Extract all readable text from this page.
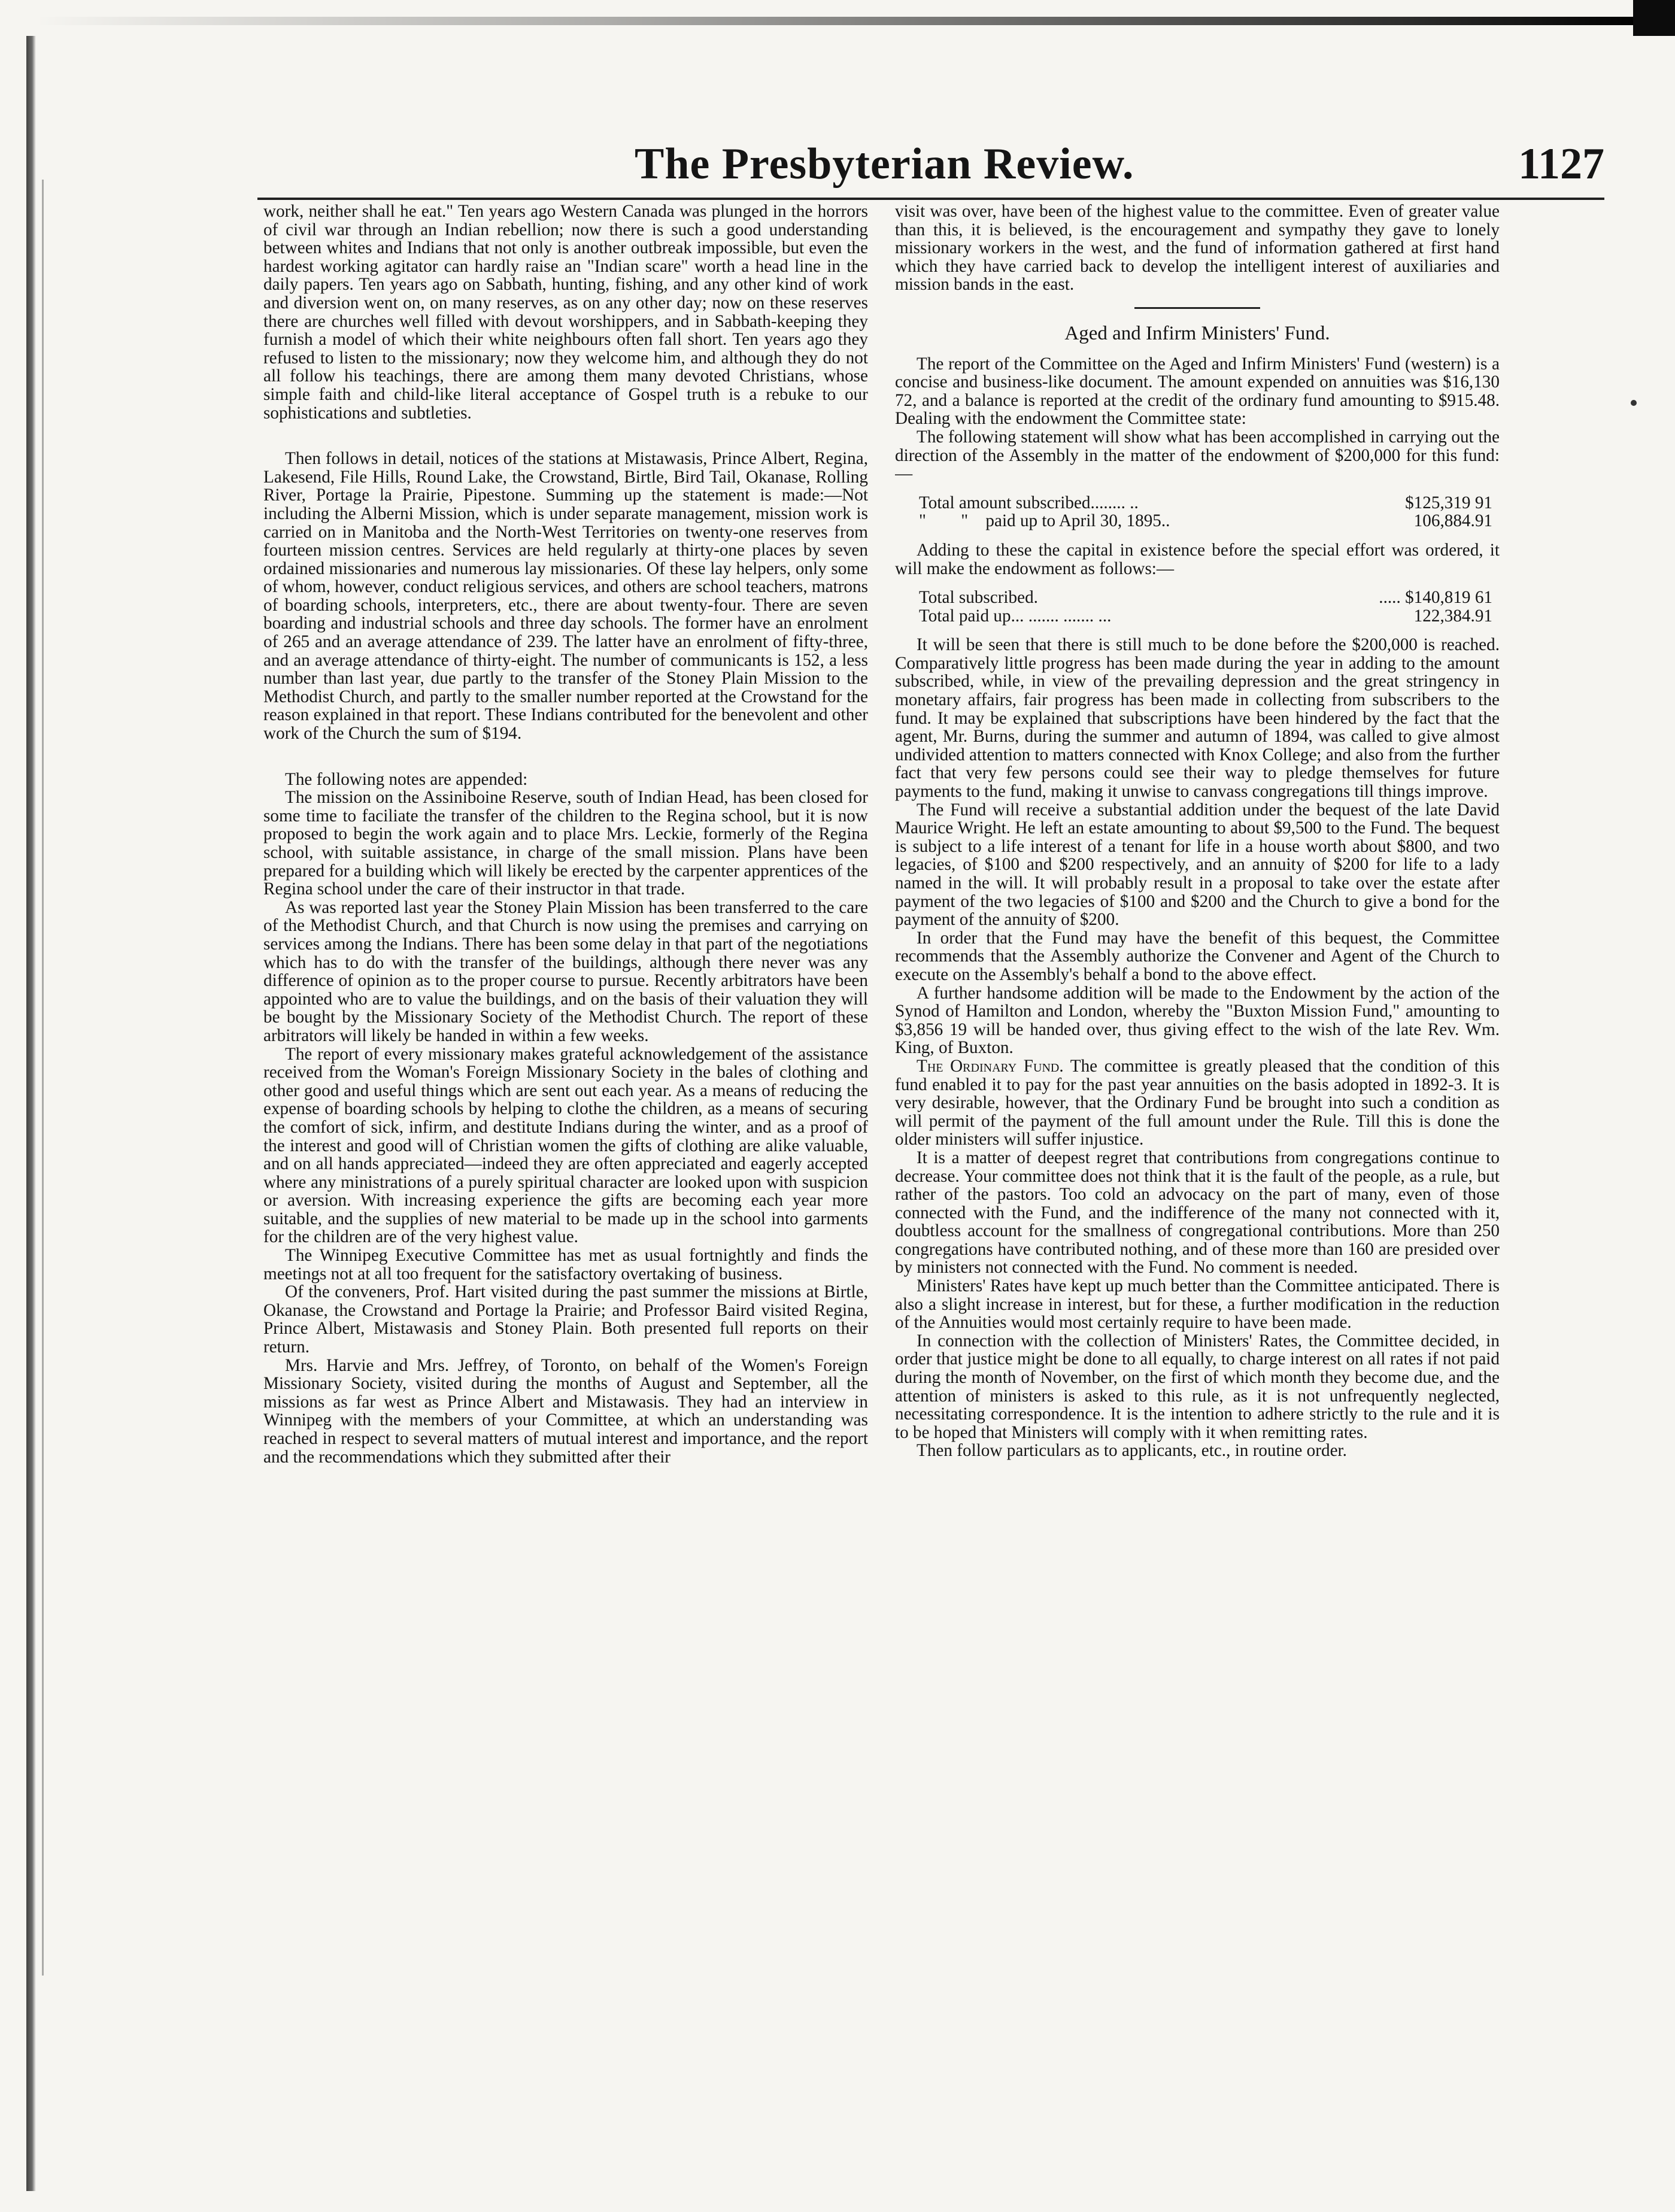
The Presbyterian Review.	1127

work, neither shall he eat." Ten years ago Western Canada was plunged in the horrors of civil war through an Indian rebellion; now there is such a good understanding between whites and Indians that not only is another outbreak impossible, but even the hardest working agitator can hardly raise an "Indian scare" worth a head line in the daily papers. Ten years ago on Sabbath, hunting, fishing, and any other kind of work and diversion went on, on many reserves, as on any other day; now on these reserves there are churches well filled with devout worshippers, and in Sabbath-keeping they furnish a model of which their white neighbours often fall short. Ten years ago they refused to listen to the missionary; now they welcome him, and although they do not all follow his teachings, there are among them many devoted Christians, whose simple faith and child-like literal acceptance of Gospel truth is a rebuke to our sophistications and subtleties.

Then follows in detail, notices of the stations at Mistawasis, Prince Albert, Regina, Lakesend, File Hills, Round Lake, the Crowstand, Birtle, Bird Tail, Okanase, Rolling River, Portage la Prairie, Pipestone. Summing up the statement is made:—Not including the Alberni Mission, which is under separate management, mission work is carried on in Manitoba and the North-West Territories on twenty-one reserves from fourteen mission centres. Services are held regularly at thirty-one places by seven ordained missionaries and numerous lay missionaries. Of these lay helpers, only some of whom, however, conduct religious services, and others are school teachers, matrons of boarding schools, interpreters, etc., there are about twenty-four. There are seven boarding and industrial schools and three day schools. The former have an enrolment of 265 and an average attendance of 239. The latter have an enrolment of fifty-three, and an average attendance of thirty-eight. The number of communicants is 152, a less number than last year, due partly to the transfer of the Stoney Plain Mission to the Methodist Church, and partly to the smaller number reported at the Crowstand for the reason explained in that report. These Indians contributed for the benevolent and other work of the Church the sum of $194.

The following notes are appended:

The mission on the Assiniboine Reserve, south of Indian Head, has been closed for some time to faciliate the transfer of the children to the Regina school, but it is now proposed to begin the work again and to place Mrs. Leckie, formerly of the Regina school, with suitable assistance, in charge of the small mission. Plans have been prepared for a building which will likely be erected by the carpenter apprentices of the Regina school under the care of their instructor in that trade.

As was reported last year the Stoney Plain Mission has been transferred to the care of the Methodist Church, and that Church is now using the premises and carrying on services among the Indians. There has been some delay in that part of the negotiations which has to do with the transfer of the buildings, although there never was any difference of opinion as to the proper course to pursue. Recently arbitrators have been appointed who are to value the buildings, and on the basis of their valuation they will be bought by the Missionary Society of the Methodist Church. The report of these arbitrators will likely be handed in within a few weeks.

The report of every missionary makes grateful acknowledgement of the assistance received from the Woman's Foreign Missionary Society in the bales of clothing and other good and useful things which are sent out each year. As a means of reducing the expense of boarding schools by helping to clothe the children, as a means of securing the comfort of sick, infirm, and destitute Indians during the winter, and as a proof of the interest and good will of Christian women the gifts of clothing are alike valuable, and on all hands appreciated—indeed they are often appreciated and eagerly accepted where any ministrations of a purely spiritual character are looked upon with suspicion or aversion. With increasing experience the gifts are becoming each year more suitable, and the supplies of new material to be made up in the school into garments for the children are of the very highest value.

The Winnipeg Executive Committee has met as usual fortnightly and finds the meetings not at all too frequent for the satisfactory overtaking of business.

Of the conveners, Prof. Hart visited during the past summer the missions at Birtle, Okanase, the Crowstand and Portage la Prairie; and Professor Baird visited Regina, Prince Albert, Mistawasis and Stoney Plain. Both presented full reports on their return.

Mrs. Harvie and Mrs. Jeffrey, of Toronto, on behalf of the Women's Foreign Missionary Society, visited during the months of August and September, all the missions as far west as Prince Albert and Mistawasis. They had an interview in Winnipeg with the members of your Committee, at which an understanding was reached in respect to several matters of mutual interest and importance, and the report and the recommendations which they submitted after their

visit was over, have been of the highest value to the committee. Even of greater value than this, it is believed, is the encouragement and sympathy they gave to lonely missionary workers in the west, and the fund of information gathered at first hand which they have carried back to develop the intelligent interest of auxiliaries and mission bands in the east.

Aged and Infirm Ministers' Fund.

The report of the Committee on the Aged and Infirm Ministers' Fund (western) is a concise and business-like document. The amount expended on annuities was $16,130 72, and a balance is reported at the credit of the ordinary fund amounting to $915.48. Dealing with the endowment the Committee state:

The following statement will show what has been accomplished in carrying out the direction of the Assembly in the matter of the endowment of $200,000 for this fund:—

Total amount subscribed........ ..	$125,319 91
"        "    paid up to April 30, 1895..	106,884.91

Adding to these the capital in existence before the special effort was ordered, it will make the endowment as follows:—

Total subscribed.	..... $140,819 61
Total paid up... ....... ....... ...	122,384.91

It will be seen that there is still much to be done before the $200,000 is reached. Comparatively little progress has been made during the year in adding to the amount subscribed, while, in view of the prevailing depression and the great stringency in monetary affairs, fair progress has been made in collecting from subscribers to the fund. It may be explained that subscriptions have been hindered by the fact that the agent, Mr. Burns, during the summer and autumn of 1894, was called to give almost undivided attention to matters connected with Knox College; and also from the further fact that very few persons could see their way to pledge themselves for future payments to the fund, making it unwise to canvass congregations till things improve.

The Fund will receive a substantial addition under the bequest of the late David Maurice Wright. He left an estate amounting to about $9,500 to the Fund. The bequest is subject to a life interest of a tenant for life in a house worth about $800, and two legacies, of $100 and $200 respectively, and an annuity of $200 for life to a lady named in the will. It will probably result in a proposal to take over the estate after payment of the two legacies of $100 and $200 and the Church to give a bond for the payment of the annuity of $200.

In order that the Fund may have the benefit of this bequest, the Committee recommends that the Assembly authorize the Convener and Agent of the Church to execute on the Assembly's behalf a bond to the above effect.

A further handsome addition will be made to the Endowment by the action of the Synod of Hamilton and London, whereby the "Buxton Mission Fund," amounting to $3,856 19 will be handed over, thus giving effect to the wish of the late Rev. Wm. King, of Buxton.

The Ordinary Fund. The committee is greatly pleased that the condition of this fund enabled it to pay for the past year annuities on the basis adopted in 1892-3. It is very desirable, however, that the Ordinary Fund be brought into such a condition as will permit of the payment of the full amount under the Rule. Till this is done the older ministers will suffer injustice.

It is a matter of deepest regret that contributions from congregations continue to decrease. Your committee does not think that it is the fault of the people, as a rule, but rather of the pastors. Too cold an advocacy on the part of many, even of those connected with the Fund, and the indifference of the many not connected with it, doubtless account for the smallness of congregational contributions. More than 250 congregations have contributed nothing, and of these more than 160 are presided over by ministers not connected with the Fund. No comment is needed.

Ministers' Rates have kept up much better than the Committee anticipated. There is also a slight increase in interest, but for these, a further modification in the reduction of the Annuities would most certainly require to have been made.

In connection with the collection of Ministers' Rates, the Committee decided, in order that justice might be done to all equally, to charge interest on all rates if not paid during the month of November, on the first of which month they become due, and the attention of ministers is asked to this rule, as it is not unfrequently neglected, necessitating correspondence. It is the intention to adhere strictly to the rule and it is to be hoped that Ministers will comply with it when remitting rates.

Then follow particulars as to applicants, etc., in routine order.
